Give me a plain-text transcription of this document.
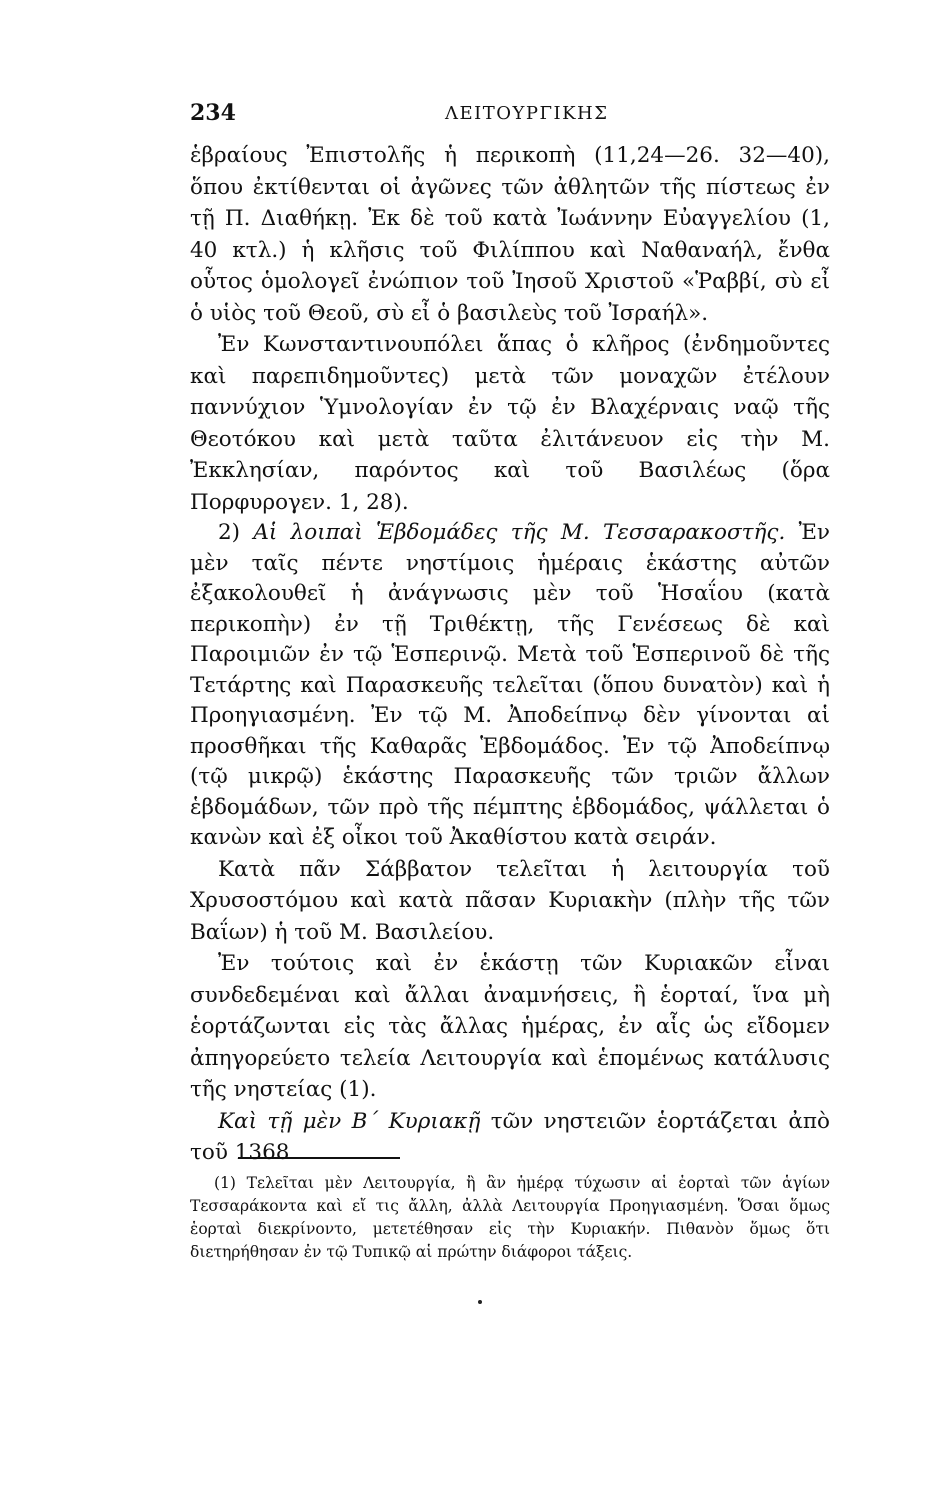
234	ΛΕΙΤΟΥΡΓΙΚΗΣ

ἑβραίους Ἐπιστολῆς ἡ περικοπὴ (11,24—26. 32—40), ὅπου ἐκτίθενται οἱ ἀγῶνες τῶν ἀθλητῶν τῆς πίστεως ἐν τῇ Π. Διαθήκῃ. Ἐκ δὲ τοῦ κατὰ Ἰωάννην Εὐαγγελίου (1, 40 κτλ.) ἡ κλῆσις τοῦ Φιλίππου καὶ Ναθαναήλ, ἔνθα οὗτος ὁμολογεῖ ἐνώπιον τοῦ Ἰησοῦ Χριστοῦ «Ῥαββί, σὺ εἶ ὁ υἱὸς τοῦ Θεοῦ, σὺ εἶ ὁ βασιλεὺς τοῦ Ἰσραήλ».

Ἐν Κωνσταντινουπόλει ἅπας ὁ κλῆρος (ἐνδημοῦντες καὶ παρεπιδημοῦντες) μετὰ τῶν μοναχῶν ἐτέλουν παννύχιον Ὑμνολογίαν ἐν τῷ ἐν Βλαχέρναις ναῷ τῆς Θεοτόκου καὶ μετὰ ταῦτα ἐλιτάνευον εἰς τὴν Μ. Ἐκκλησίαν, παρόντος καὶ τοῦ Βασιλέως (ὅρα Πορφυρογεν. 1, 28).

2) Αἱ λοιπαὶ Ἑβδομάδες τῆς Μ. Τεσσαρακοστῆς. Ἐν μὲν ταῖς πέντε νηστίμοις ἡμέραις ἑκάστης αὐτῶν ἐξακολουθεῖ ἡ ἀνάγνωσις μὲν τοῦ Ἡσαΐου (κατὰ περικοπὴν) ἐν τῇ Τριθέκτῃ, τῆς Γενέσεως δὲ καὶ Παροιμιῶν ἐν τῷ Ἑσπερινῷ. Μετὰ τοῦ Ἑσπερινοῦ δὲ τῆς Τετάρτης καὶ Παρασκευῆς τελεῖται (ὅπου δυνατὸν) καὶ ἡ Προηγιασμένη. Ἐν τῷ Μ. Ἀποδείπνῳ δὲν γίνονται αἱ προσθῆκαι τῆς Καθαρᾶς Ἑβδομάδος. Ἐν τῷ Ἀποδείπνῳ (τῷ μικρῷ) ἑκάστης Παρασκευῆς τῶν τριῶν ἄλλων ἑβδομάδων, τῶν πρὸ τῆς πέμπτης ἑβδομάδος, ψάλλεται ὁ κανὼν καὶ ἐξ οἶκοι τοῦ Ἀκαθίστου κατὰ σειράν.

Κατὰ πᾶν Σάββατον τελεῖται ἡ λειτουργία τοῦ Χρυσοστόμου καὶ κατὰ πᾶσαν Κυριακὴν (πλὴν τῆς τῶν Βαΐων) ἡ τοῦ Μ. Βασιλείου.

Ἐν τούτοις καὶ ἐν ἑκάστῃ τῶν Κυριακῶν εἶναι συνδεδεμέναι καὶ ἄλλαι ἀναμνήσεις, ἢ ἑορταί, ἵνα μὴ ἑορτάζωνται εἰς τὰς ἄλλας ἡμέρας, ἐν αἷς ὡς εἴδομεν ἀπηγορεύετο τελεία Λειτουργία καὶ ἑπομένως κατάλυσις τῆς νηστείας (1).

Καὶ τῇ μὲν Β΄ Κυριακῇ τῶν νηστειῶν ἑορτάζεται ἀπὸ τοῦ 1368

(1) Τελεῖται μὲν Λειτουργία, ἢ ἂν ἡμέρᾳ τύχωσιν αἱ ἑορταὶ τῶν ἁγίων Τεσσαράκοντα καὶ εἴ τις ἄλλη, ἀλλὰ Λειτουργία Προηγιασμένη. Ὅσαι ὅμως ἑορταὶ διεκρίνοντο, μετετέθησαν εἰς τὴν Κυριακήν. Πιθανὸν ὅμως ὅτι διετηρήθησαν ἐν τῷ Τυπικῷ αἱ πρώτην διάφοροι τάξεις.
